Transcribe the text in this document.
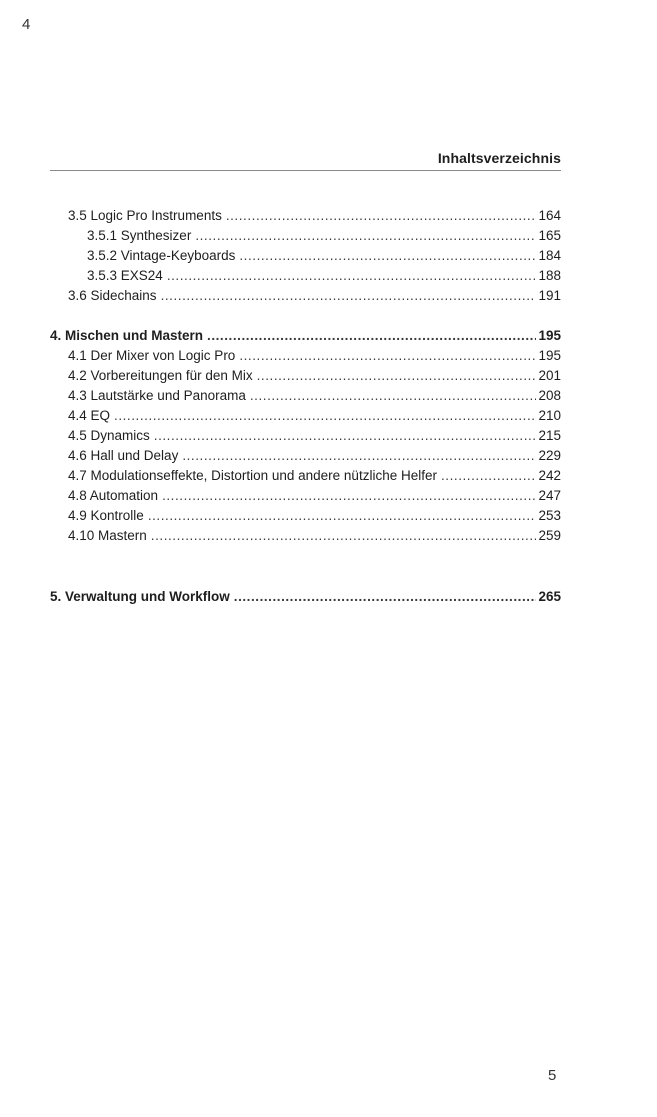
4
Inhaltsverzeichnis
3.5 Logic Pro Instruments . . .	164
3.5.1 Synthesizer . . .	165
3.5.2 Vintage-Keyboards . . .	184
3.5.3 EXS24 . . .	188
3.6 Sidechains . . .	191
4. Mischen und Mastern . . .	195
4.1 Der Mixer von Logic Pro . . .	195
4.2 Vorbereitungen für den Mix . . .	201
4.3 Lautstärke und Panorama . . .	208
4.4 EQ . . .	210
4.5 Dynamics . . .	215
4.6 Hall und Delay . . .	229
4.7 Modulationseffekte, Distortion und andere nützliche Helfer . . .	242
4.8 Automation . . .	247
4.9 Kontrolle . . .	253
4.10 Mastern . . .	259
5. Verwaltung und Workflow . . .	265
5
